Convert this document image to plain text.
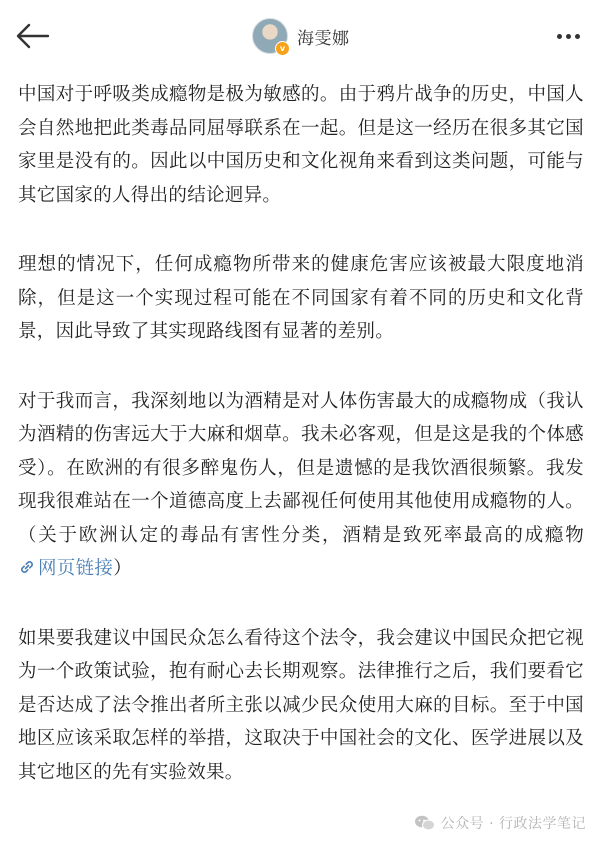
v 海雯娜

中国对于呼吸类成瘾物是极为敏感的。由于鸦片战争的历史，中国人会自然地把此类毒品同屈辱联系在一起。但是这一经历在很多其它国家里是没有的。因此以中国历史和文化视角来看到这类问题，可能与其它国家的人得出的结论迥异。

理想的情况下，任何成瘾物所带来的健康危害应该被最大限度地消除，但是这一个实现过程可能在不同国家有着不同的历史和文化背景，因此导致了其实现路线图有显著的差别。

对于我而言，我深刻地以为酒精是对人体伤害最大的成瘾物成（我认为酒精的伤害远大于大麻和烟草。我未必客观，但是这是我的个体感受）。在欧洲的有很多醉鬼伤人，但是遗憾的是我饮酒很频繁。我发现我很难站在一个道德高度上去鄙视任何使用其他使用成瘾物的人。（关于欧洲认定的毒品有害性分类，酒精是致死率最高的成瘾物网页链接）

如果要我建议中国民众怎么看待这个法令，我会建议中国民众把它视为一个政策试验，抱有耐心去长期观察。法律推行之后，我们要看它是否达成了法令推出者所主张以减少民众使用大麻的目标。至于中国地区应该采取怎样的举措，这取决于中国社会的文化、医学进展以及其它地区的先有实验效果。

公众号 · 行政法学笔记
